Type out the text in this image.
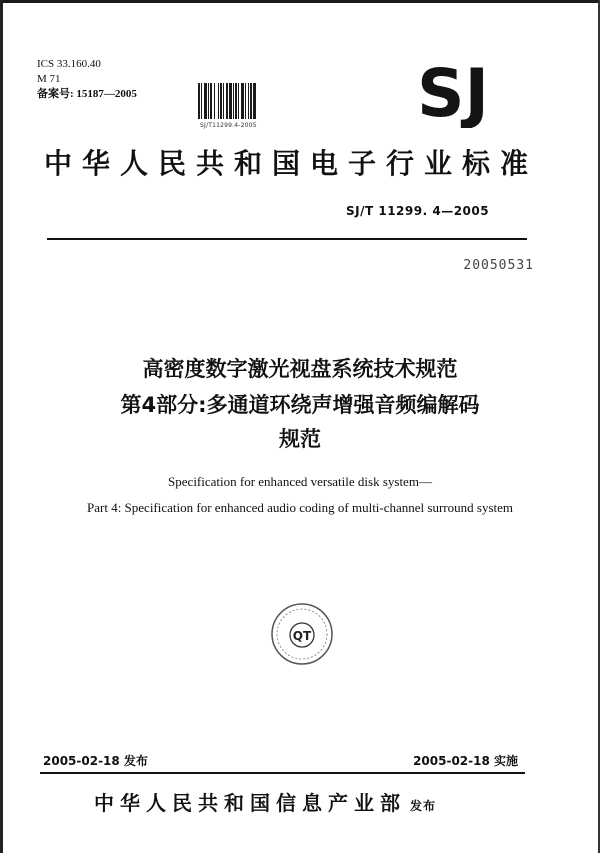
ICS 33.160.40
M 71
备案号: 15187—2005
SJ/T11299.4-2005 SJ
中华人民共和国电子行业标准
SJ/T 11299. 4—2005
20050531
高密度数字激光视盘系统技术规范
第4部分:多通道环绕声增强音频编解码
规范
Specification for enhanced versatile disk system—
Part 4: Specification for enhanced audio coding of multi-channel surround system
QT
2005-02-18 发布	2005-02-18 实施
中华人民共和国信息产业部 发布
